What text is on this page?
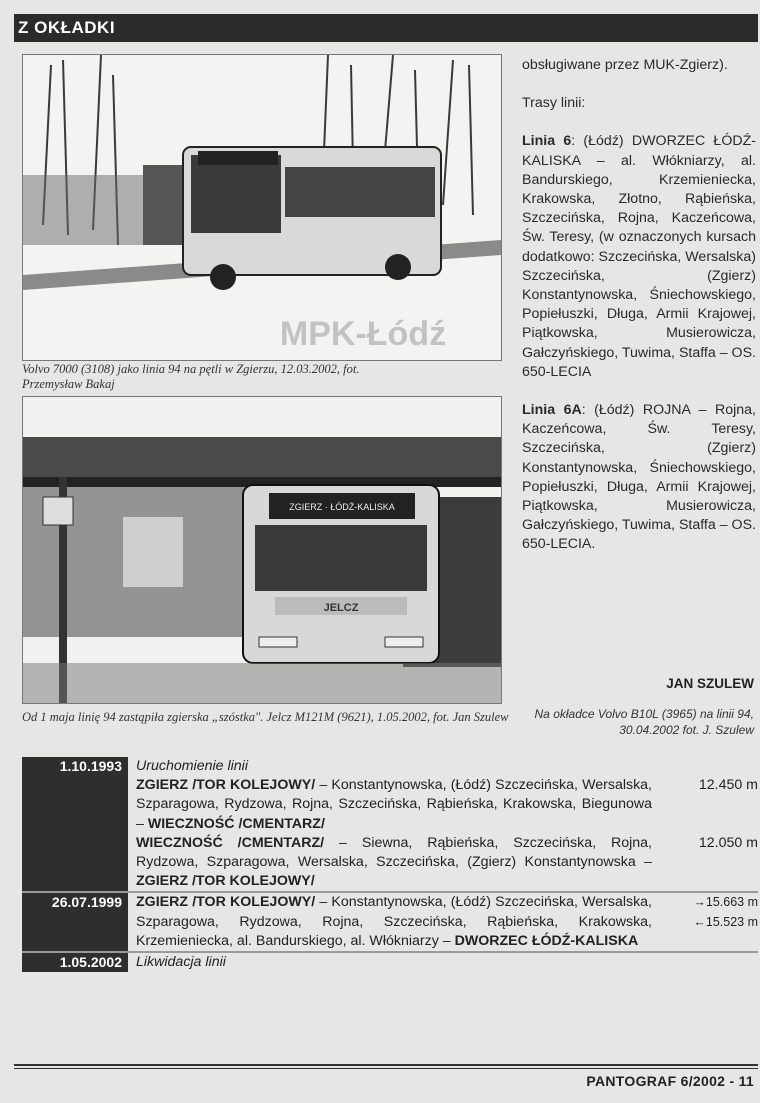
Z OKŁADKI
MPK-Łódź
Volvo 7000 (3108) jako linia 94 na pętli w Zgierzu, 12.03.2002, fot. Przemysław Bakaj
ZGIERZ · ŁÓDŹ-KALISKA
JELCZ
Od 1 maja linię 94 zastąpiła zgierska „szóstka". Jelcz M121M (9621), 1.05.2002, fot. Jan Szulew

obsługiwane przez MUK-Zgierz).

Trasy linii:

Linia 6: (Łódź) DWORZEC ŁÓDŹ-KALISKA – al. Włókniarzy, al. Bandurskiego, Krzemieniecka, Krakowska, Złotno, Rąbieńska, Szczecińska, Rojna, Kaczeńcowa, Św. Teresy, (w oznaczonych kursach dodatkowo: Szczecińska, Wersalska) Szczecińska, (Zgierz) Konstantynowska, Śniechowskiego, Popiełuszki, Długa, Armii Krajowej, Piątkowska, Musierowicza, Gałczyńskiego, Tuwima, Staffa – OS. 650-LECIA

Linia 6A: (Łódź) ROJNA – Rojna, Kaczeńcowa, Św. Teresy, Szczecińska, (Zgierz) Konstantynowska, Śniechowskiego, Popiełuszki, Długa, Armii Krajowej, Piątkowska, Musierowicza, Gałczyńskiego, Tuwima, Staffa – OS. 650-LECIA.

JAN SZULEW
Na okładce Volvo B10L (3965) na linii 94, 30.04.2002 fot. J. Szulew
1.10.1993 Uruchomienie linii
ZGIERZ /TOR KOLEJOWY/ – Konstantynowska, (Łódź) Szczecińska, Wersalska, Szparagowa, Rydzowa, Rojna, Szczecińska, Rąbieńska, Krakowska, Biegunowa – WIECZNOŚĆ /CMENTARZ/
12.450 m
WIECZNOŚĆ /CMENTARZ/ – Siewna, Rąbieńska, Szczecińska, Rojna, Rydzowa, Szparagowa, Wersalska, Szczecińska, (Zgierz) Konstantynowska – ZGIERZ /TOR KOLEJOWY/
12.050 m
26.07.1999 ZGIERZ /TOR KOLEJOWY/ – Konstantynowska, (Łódź) Szczecińska, Wersalska, Szparagowa, Rydzowa, Rojna, Szczecińska, Rąbieńska, Krakowska, Krzemieniecka, al. Bandurskiego, al. Włókniarzy – DWORZEC ŁÓDŹ-KALISKA
→15.663 m
←15.523 m
1.05.2002 Likwidacja linii
PANTOGRAF 6/2002 - 11
